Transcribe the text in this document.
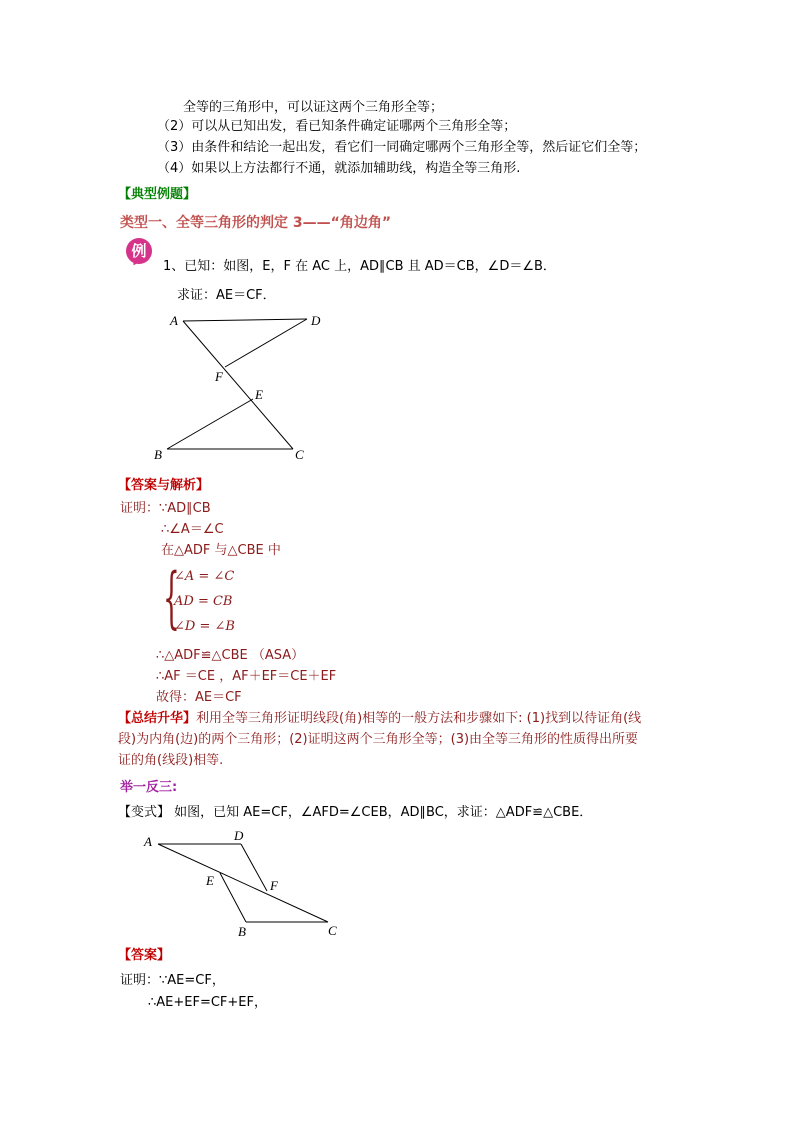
全等的三角形中，可以证这两个三角形全等；
（2）可以从已知出发，看已知条件确定证哪两个三角形全等；
（3）由条件和结论一起出发，看它们一同确定哪两个三角形全等，然后证它们全等；
（4）如果以上方法都行不通，就添加辅助线，构造全等三角形.
【典型例题】
类型一、全等三角形的判定 3——“角边角”
例
1、已知：如图，E，F 在 AC 上，AD∥CB 且 AD＝CB，∠D＝∠B．
求证：AE＝CF．
A	D
F
E
B	C
【答案与解析】
证明：∵AD∥CB
∴∠A＝∠C
在△ADF 与△CBE 中
{
∠A = ∠C
AD = CB
∠D = ∠B
∴△ADF≌△CBE （ASA）
∴AF ＝CE ，AF＋EF＝CE＋EF
故得：AE＝CF
【总结升华】利用全等三角形证明线段(角)相等的一般方法和步骤如下: (1)找到以待证角(线
段)为内角(边)的两个三角形；(2)证明这两个三角形全等；(3)由全等三角形的性质得出所要
证的角(线段)相等.
举一反三:
【变式】 如图，已知 AE=CF，∠AFD=∠CEB，AD∥BC，求证：△ADF≌△CBE．
A	D
E	F
B	C
【答案】
证明：∵AE=CF，
∴AE+EF=CF+EF，
